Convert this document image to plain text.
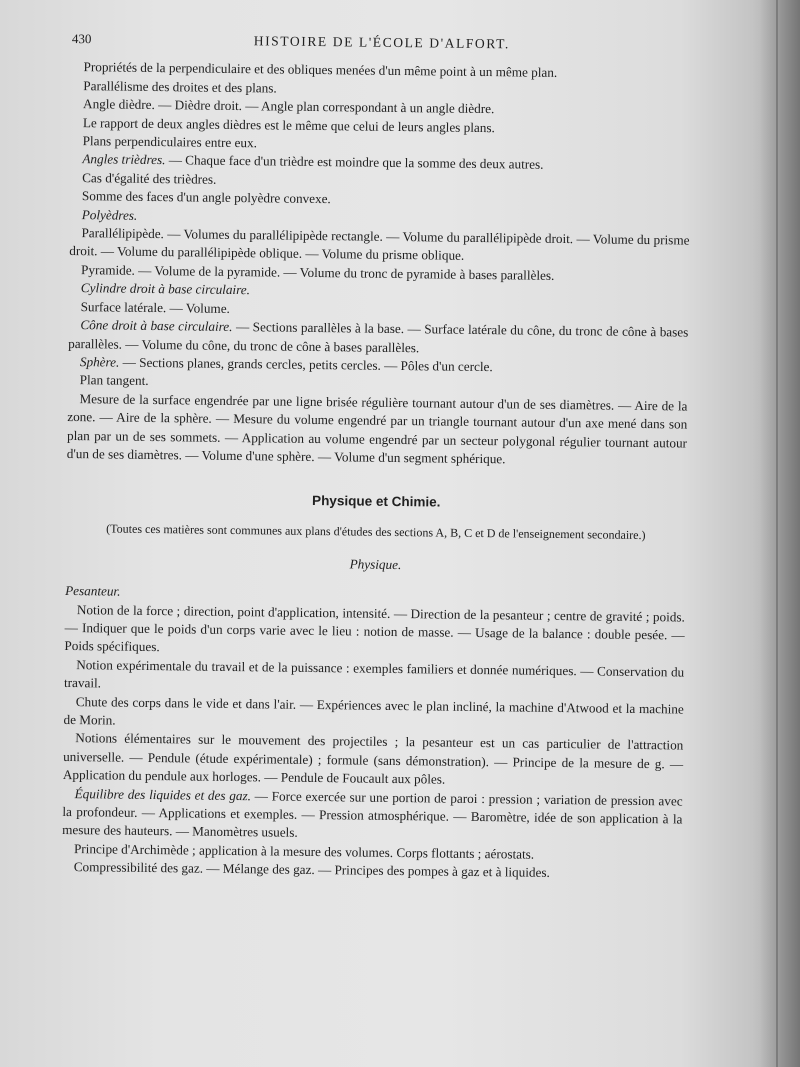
430	HISTOIRE DE L'ÉCOLE D'ALFORT.

Propriétés de la perpendiculaire et des obliques menées d'un même point à un même plan.

Parallélisme des droites et des plans.

Angle dièdre. — Dièdre droit. — Angle plan correspondant à un angle dièdre.

Le rapport de deux angles dièdres est le même que celui de leurs angles plans.

Plans perpendiculaires entre eux.

Angles trièdres. — Chaque face d'un trièdre est moindre que la somme des deux autres.

Cas d'égalité des trièdres.

Somme des faces d'un angle polyèdre convexe.

Polyèdres.

Parallélipipède. — Volumes du parallélipipède rectangle. — Volume du parallélipipède droit. — Volume du prisme droit. — Volume du parallélipipède oblique. — Volume du prisme oblique.

Pyramide. — Volume de la pyramide. — Volume du tronc de pyramide à bases parallèles.

Cylindre droit à base circulaire.

Surface latérale. — Volume.

Cône droit à base circulaire. — Sections parallèles à la base. — Surface latérale du cône, du tronc de cône à bases parallèles. — Volume du cône, du tronc de cône à bases parallèles.

Sphère. — Sections planes, grands cercles, petits cercles. — Pôles d'un cercle.

Plan tangent.

Mesure de la surface engendrée par une ligne brisée régulière tournant autour d'un de ses diamètres. — Aire de la zone. — Aire de la sphère. — Mesure du volume engendré par un triangle tournant autour d'un axe mené dans son plan par un de ses sommets. — Application au volume engendré par un secteur polygonal régulier tournant autour d'un de ses diamètres. — Volume d'une sphère. — Volume d'un segment sphérique.

Physique et Chimie.
(Toutes ces matières sont communes aux plans d'études des sections A, B, C et D de l'enseignement secondaire.)
Physique.

Pesanteur.

Notion de la force ; direction, point d'application, intensité. — Direction de la pesanteur ; centre de gravité ; poids. — Indiquer que le poids d'un corps varie avec le lieu : notion de masse. — Usage de la balance : double pesée. — Poids spécifiques.

Notion expérimentale du travail et de la puissance : exemples familiers et donnée numériques. — Conservation du travail.

Chute des corps dans le vide et dans l'air. — Expériences avec le plan incliné, la machine d'Atwood et la machine de Morin.

Notions élémentaires sur le mouvement des projectiles ; la pesanteur est un cas particulier de l'attraction universelle. — Pendule (étude expérimentale) ; formule (sans démonstration). — Principe de la mesure de g. — Application du pendule aux horloges. — Pendule de Foucault aux pôles.

Équilibre des liquides et des gaz. — Force exercée sur une portion de paroi : pression ; variation de pression avec la profondeur. — Applications et exemples. — Pression atmosphérique. — Baromètre, idée de son application à la mesure des hauteurs. — Manomètres usuels.

Principe d'Archimède ; application à la mesure des volumes. Corps flottants ; aérostats.

Compressibilité des gaz. — Mélange des gaz. — Principes des pompes à gaz et à liquides.
